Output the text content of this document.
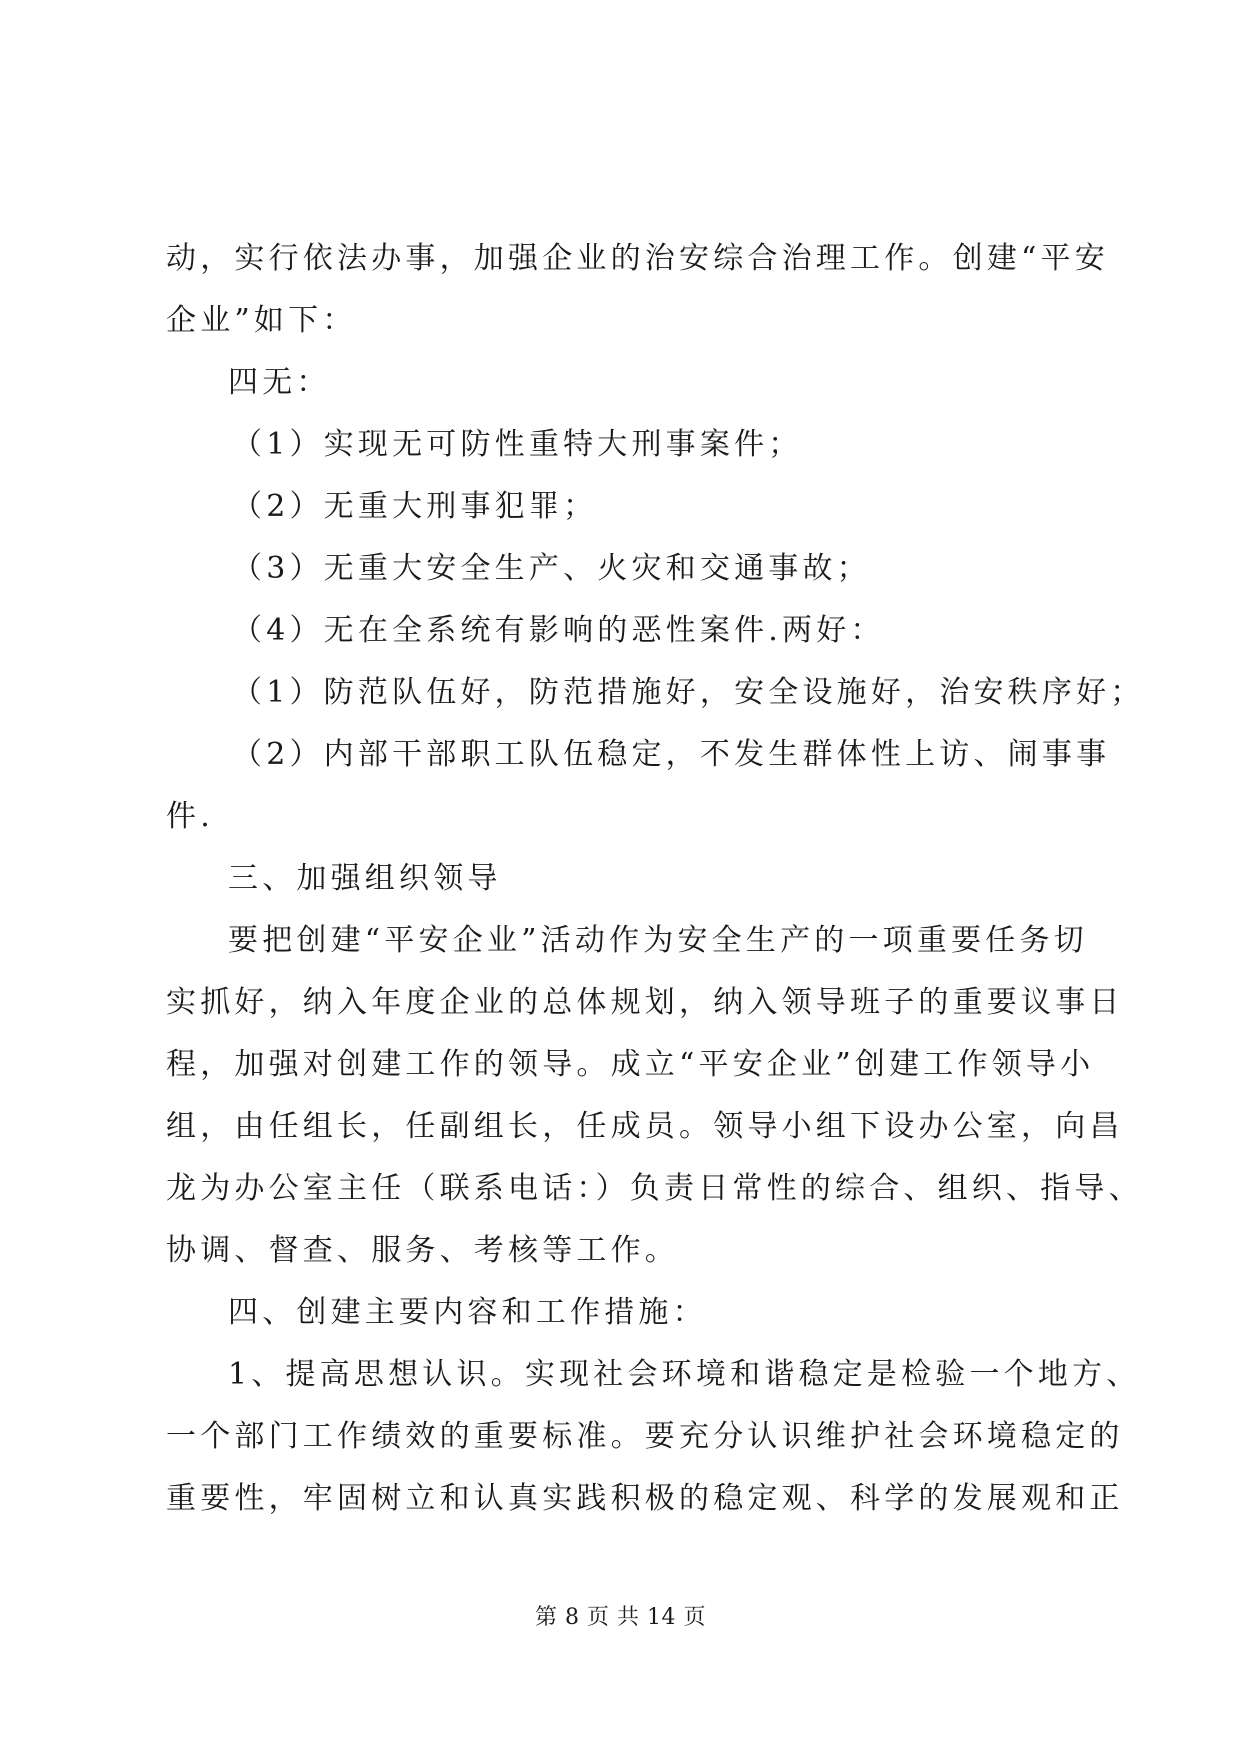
动，实行依法办事，加强企业的治安综合治理工作。创建“平安
企业”如下：
四无：
（1）实现无可防性重特大刑事案件；
（2）无重大刑事犯罪；
（3）无重大安全生产、火灾和交通事故；
（4）无在全系统有影响的恶性案件.两好：
（1）防范队伍好，防范措施好，安全设施好，治安秩序好；
（2）内部干部职工队伍稳定，不发生群体性上访、闹事事
件.
三、加强组织领导
要把创建“平安企业”活动作为安全生产的一项重要任务切
实抓好，纳入年度企业的总体规划，纳入领导班子的重要议事日
程，加强对创建工作的领导。成立“平安企业”创建工作领导小
组，由任组长，任副组长，任成员。领导小组下设办公室，向昌
龙为办公室主任（联系电话：）负责日常性的综合、组织、指导、
协调、督查、服务、考核等工作。
四、创建主要内容和工作措施：
1、提高思想认识。实现社会环境和谐稳定是检验一个地方、
一个部门工作绩效的重要标准。要充分认识维护社会环境稳定的
重要性，牢固树立和认真实践积极的稳定观、科学的发展观和正
第 8 页 共 14 页
